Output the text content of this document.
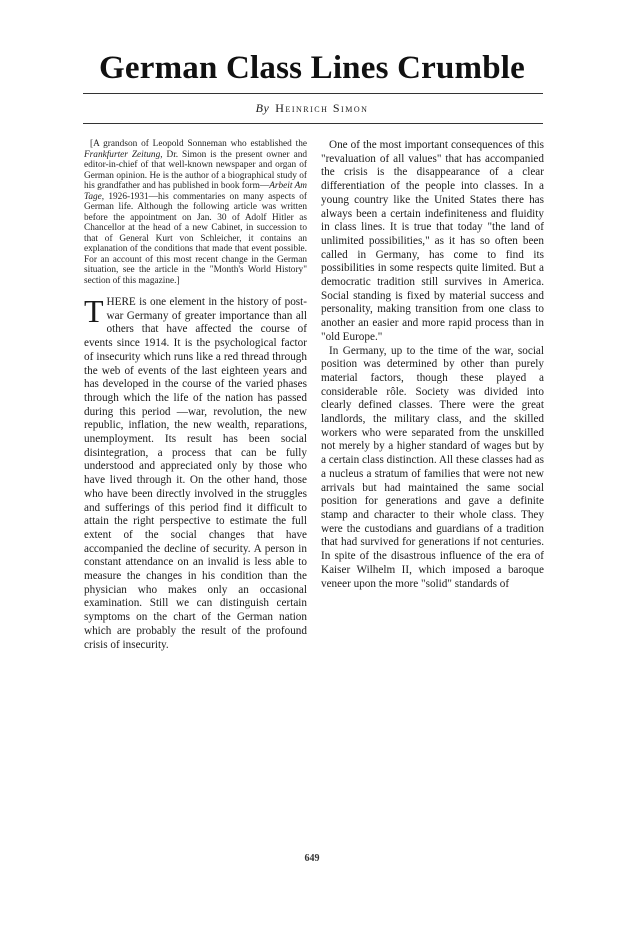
German Class Lines Crumble
By Heinrich Simon

[A grandson of Leopold Sonneman who established the Frankfurter Zeitung, Dr. Simon is the present owner and editor-in-chief of that well-known newspaper and organ of German opinion. He is the author of a biographical study of his grandfather and has published in book form—Arbeit Am Tage, 1926-1931—his commentaries on many aspects of German life. Although the following article was written before the appointment on Jan. 30 of Adolf Hitler as Chancellor at the head of a new Cabinet, in succession to that of General Kurt von Schleicher, it contains an explanation of the conditions that made that event possible. For an account of this most recent change in the German situation, see the article in the "Month's World History" section of this magazine.]

THERE is one element in the history of post-war Germany of greater importance than all others that have affected the course of events since 1914. It is the psychological factor of insecurity which runs like a red thread through the web of events of the last eighteen years and has developed in the course of the varied phases through which the life of the nation has passed during this period —war, revolution, the new republic, inflation, the new wealth, reparations, unemployment. Its result has been social disintegration, a process that can be fully understood and appreciated only by those who have lived through it. On the other hand, those who have been directly involved in the struggles and sufferings of this period find it difficult to attain the right perspective to estimate the full extent of the social changes that have accompanied the decline of security. A person in constant attendance on an invalid is less able to measure the changes in his condition than the physician who makes only an occasional examination. Still we can distinguish certain symptoms on the chart of the German nation which are probably the result of the profound crisis of insecurity.

One of the most important consequences of this "revaluation of all values" that has accompanied the crisis is the disappearance of a clear differentiation of the people into classes. In a young country like the United States there has always been a certain indefiniteness and fluidity in class lines. It is true that today "the land of unlimited possibilities," as it has so often been called in Germany, has come to find its possibilities in some respects quite limited. But a democratic tradition still survives in America. Social standing is fixed by material success and personality, making transition from one class to another an easier and more rapid process than in "old Europe."

In Germany, up to the time of the war, social position was determined by other than purely material factors, though these played a considerable rôle. Society was divided into clearly defined classes. There were the great landlords, the military class, and the skilled workers who were separated from the unskilled not merely by a higher standard of wages but by a certain class distinction. All these classes had as a nucleus a stratum of families that were not new arrivals but had maintained the same social position for generations and gave a definite stamp and character to their whole class. They were the custodians and guardians of a tradition that had survived for generations if not centuries. In spite of the disastrous influence of the era of Kaiser Wilhelm II, which imposed a baroque veneer upon the more "solid" standards of

649
